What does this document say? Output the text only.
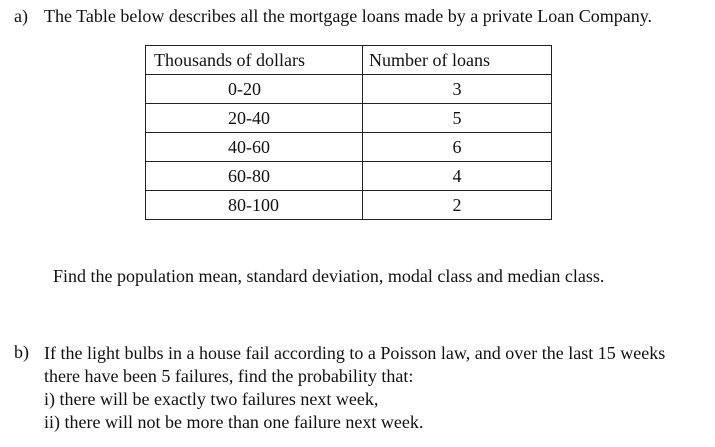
a) The Table below describes all the mortgage loans made by a private Loan Company.
Thousands of dollars	Number of loans
0-20	3
20-40	5
40-60	6
60-80	4
80-100	2
Find the population mean, standard deviation, modal class and median class.
b) If the light bulbs in a house fail according to a Poisson law, and over the last 15 weeks
there have been 5 failures, find the probability that:
i) there will be exactly two failures next week,
ii) there will not be more than one failure next week.
